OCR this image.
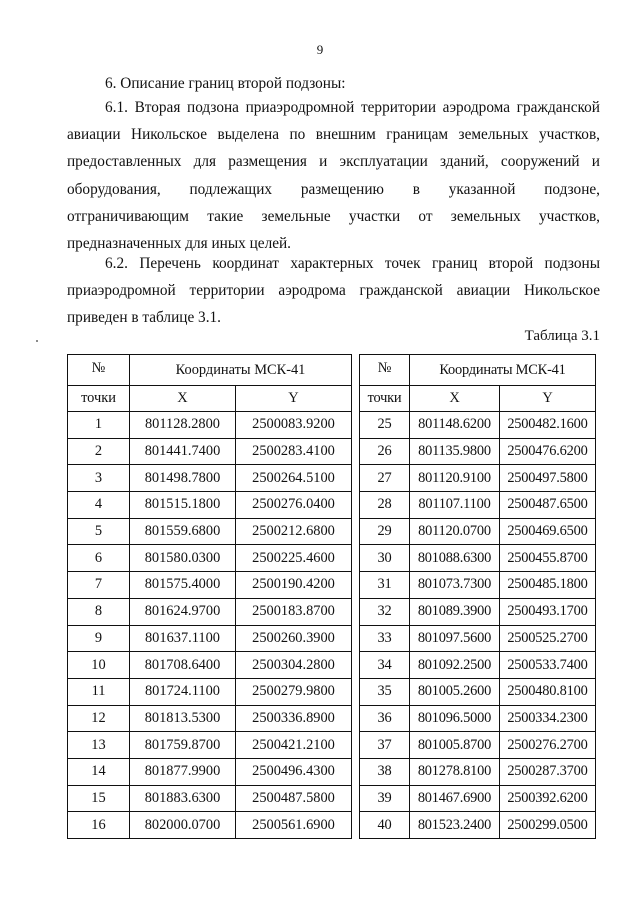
9
6. Описание границ второй подзоны:
6.1. Вторая подзона приаэродромной территории аэродрома гражданской авиации Никольское выделена по внешним границам земельных участков, предоставленных для размещения и эксплуатации зданий, сооружений и оборудования, подлежащих размещению в указанной подзоне, отграничивающим такие земельные участки от земельных участков, предназначенных для иных целей.
6.2. Перечень координат характерных точек границ второй подзоны приаэродромной территории аэродрома гражданской авиации Никольское приведен в таблице 3.1.
Таблица 3.1
№	Координаты МСК-41	
точки	X	Y
1	801128.2800	2500083.9200
2	801441.7400	2500283.4100
3	801498.7800	2500264.5100
4	801515.1800	2500276.0400
5	801559.6800	2500212.6800
6	801580.0300	2500225.4600
7	801575.4000	2500190.4200
8	801624.9700	2500183.8700
9	801637.1100	2500260.3900
10	801708.6400	2500304.2800
11	801724.1100	2500279.9800
12	801813.5300	2500336.8900
13	801759.8700	2500421.2100
14	801877.9900	2500496.4300
15	801883.6300	2500487.5800
16	802000.0700	2500561.6900
№	Координаты МСК-41	
точки	X	Y
25	801148.6200	2500482.1600
26	801135.9800	2500476.6200
27	801120.9100	2500497.5800
28	801107.1100	2500487.6500
29	801120.0700	2500469.6500
30	801088.6300	2500455.8700
31	801073.7300	2500485.1800
32	801089.3900	2500493.1700
33	801097.5600	2500525.2700
34	801092.2500	2500533.7400
35	801005.2600	2500480.8100
36	801096.5000	2500334.2300
37	801005.8700	2500276.2700
38	801278.8100	2500287.3700
39	801467.6900	2500392.6200
40	801523.2400	2500299.0500
